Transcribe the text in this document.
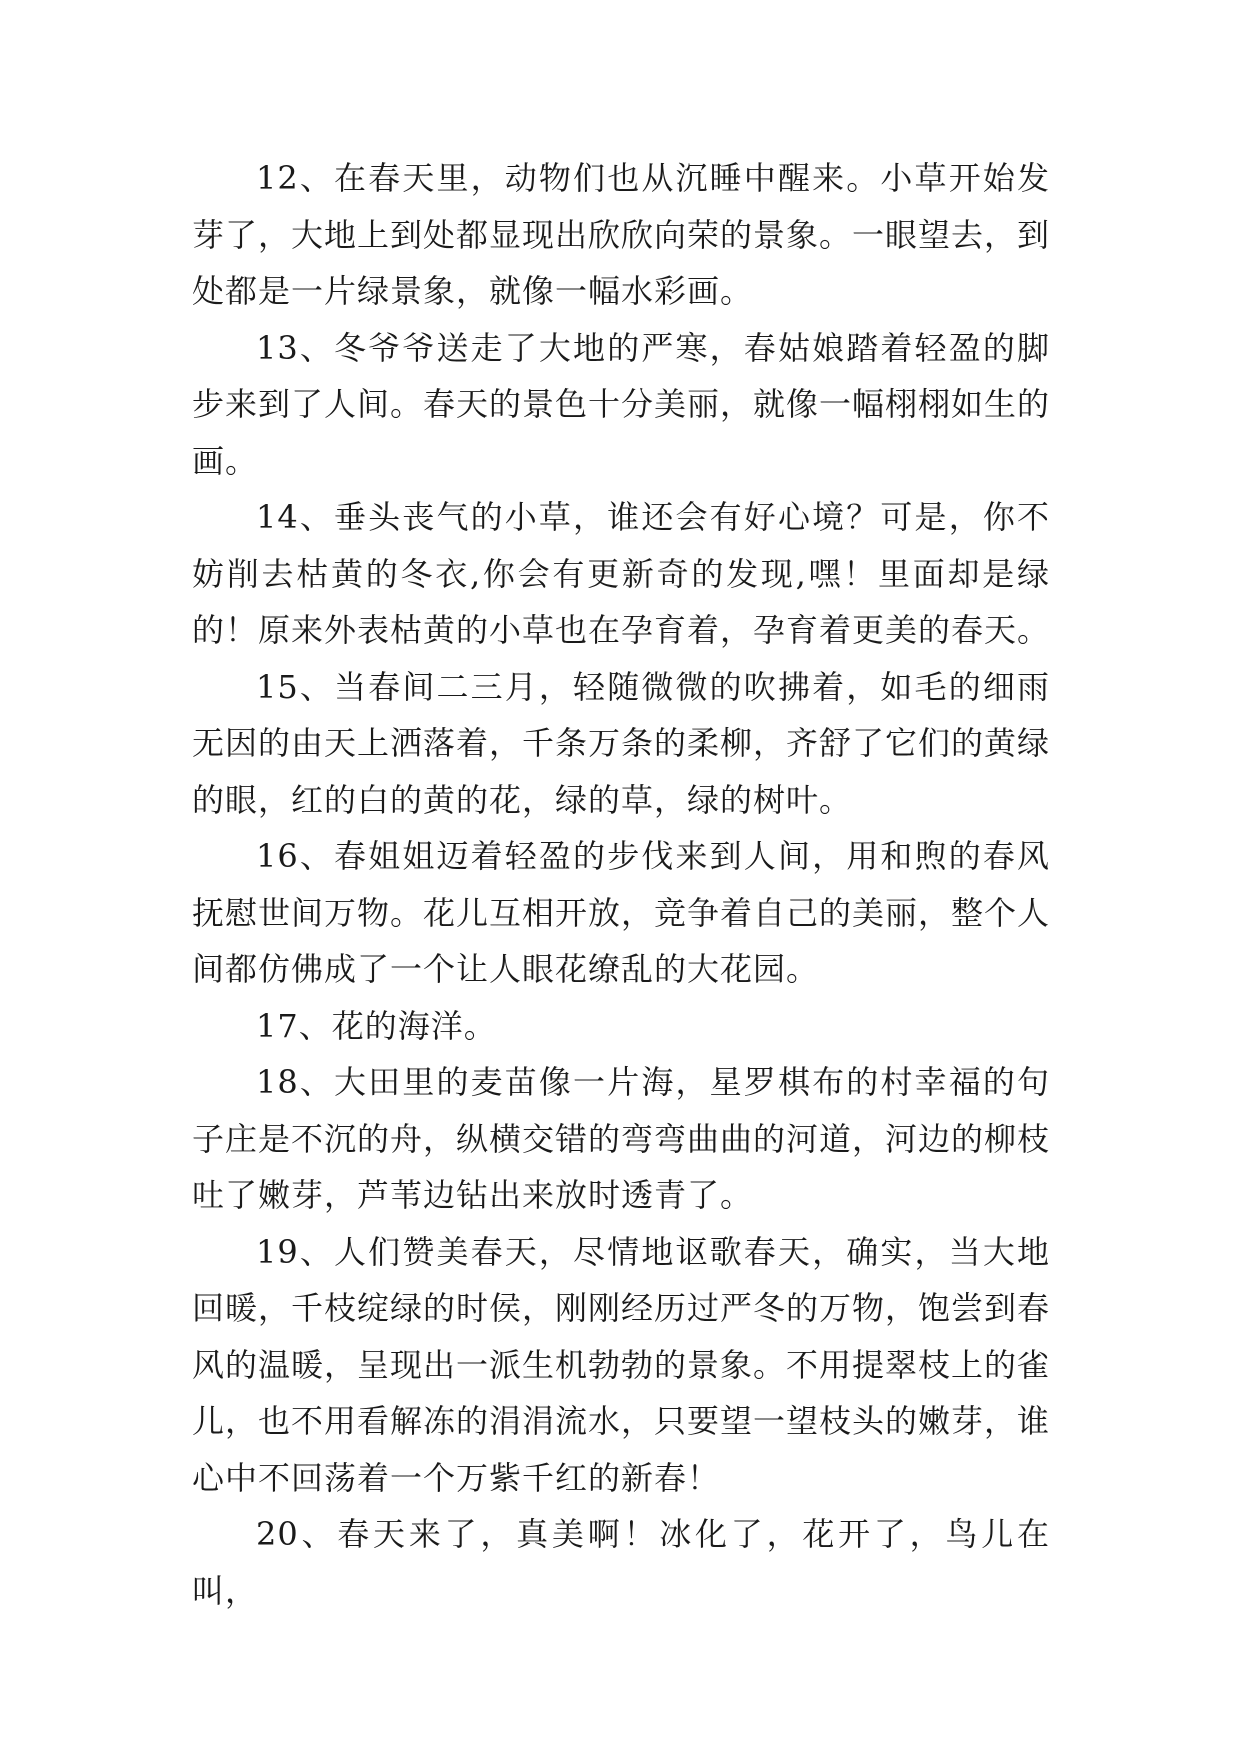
12、在春天里，动物们也从沉睡中醒来。小草开始发芽了，大地上到处都显现出欣欣向荣的景象。一眼望去，到处都是一片绿景象，就像一幅水彩画。

13、冬爷爷送走了大地的严寒，春姑娘踏着轻盈的脚步来到了人间。春天的景色十分美丽，就像一幅栩栩如生的画。

14、垂头丧气的小草，谁还会有好心境？可是，你不妨削去枯黄的冬衣,你会有更新奇的发现,嘿！里面却是绿的！原来外表枯黄的小草也在孕育着，孕育着更美的春天。

15、当春间二三月，轻随微微的吹拂着，如毛的细雨无因的由天上洒落着，千条万条的柔柳，齐舒了它们的黄绿的眼，红的白的黄的花，绿的草，绿的树叶。

16、春姐姐迈着轻盈的步伐来到人间，用和煦的春风抚慰世间万物。花儿互相开放，竞争着自己的美丽，整个人间都仿佛成了一个让人眼花缭乱的大花园。

17、花的海洋。

18、大田里的麦苗像一片海，星罗棋布的村幸福的句子庄是不沉的舟，纵横交错的弯弯曲曲的河道，河边的柳枝吐了嫩芽，芦苇边钻出来放时透青了。

19、人们赞美春天，尽情地讴歌春天，确实，当大地回暖，千枝绽绿的时侯，刚刚经历过严冬的万物，饱尝到春风的温暖，呈现出一派生机勃勃的景象。不用提翠枝上的雀儿，也不用看解冻的涓涓流水，只要望一望枝头的嫩芽，谁心中不回荡着一个万紫千红的新春！

20、春天来了，真美啊！冰化了，花开了，鸟儿在叫，
